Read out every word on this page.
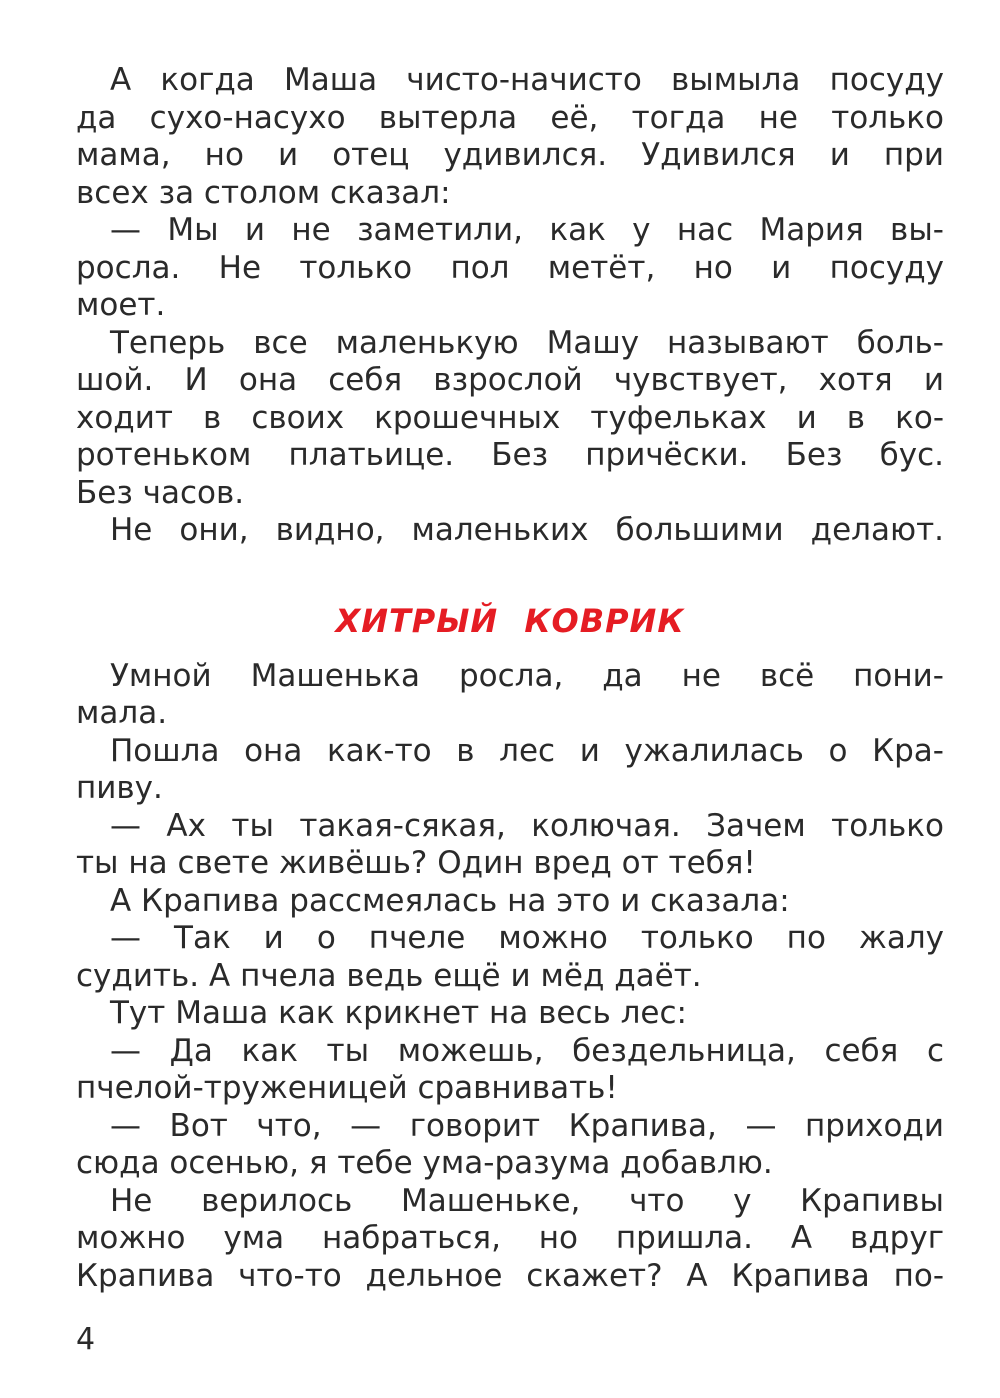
А когда Маша чисто-начисто вымыла посуду
да сухо-насухо вытерла её, тогда не только
мама, но и отец удивился. Удивился и при
всех за столом сказал:
— Мы и не заметили, как у нас Мария вы-
росла. Не только пол метёт, но и посуду
моет.
Теперь все маленькую Машу называют боль-
шой. И она себя взрослой чувствует, хотя и
ходит в своих крошечных туфельках и в ко-
ротеньком платьице. Без причёски. Без бус.
Без часов.
Не они, видно, маленьких большими делают.
ХИТРЫЙ КОВРИК
Умной Машенька росла, да не всё пони-
мала.
Пошла она как-то в лес и ужалилась о Кра-
пиву.
— Ах ты такая-сякая, колючая. Зачем только
ты на свете живёшь? Один вред от тебя!
А Крапива рассмеялась на это и сказала:
— Так и о пчеле можно только по жалу
судить. А пчела ведь ещё и мёд даёт.
Тут Маша как крикнет на весь лес:
— Да как ты можешь, бездельница, себя с
пчелой-труженицей сравнивать!
— Вот что, — говорит Крапива, — приходи
сюда осенью, я тебе ума-разума добавлю.
Не верилось Машеньке, что у Крапивы
можно ума набраться, но пришла. А вдруг
Крапива что-то дельное скажет? А Крапива по-
4
